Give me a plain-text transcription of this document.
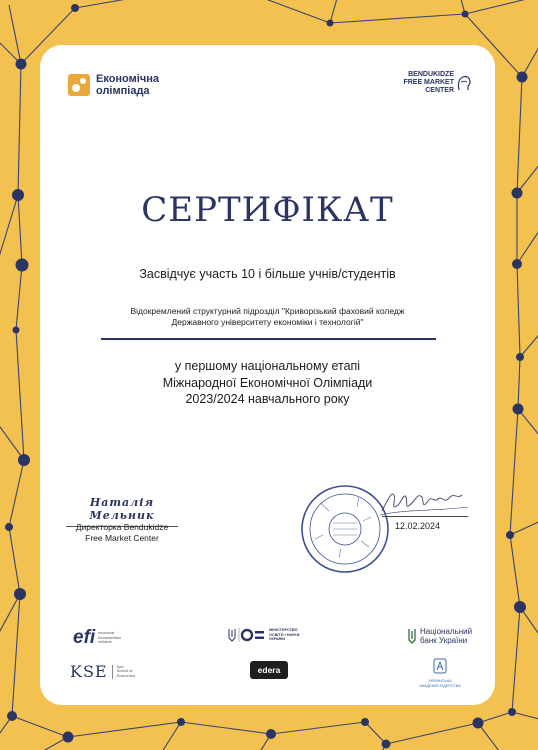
Економічна
олімпіада
BENDUKIDZE
FREE MARKET
CENTER
СЕРТИФІКАТ
Засвідчує участь 10 і більше учнів/студентів
Відокремлений структурний підрозділ "Криворізький фаховий коледж
Державного університету економіки і технологій"
у першому національному етапі
Міжнародної Економічної Олімпіади
2023/2024 навчального року
Наталія Мельник
Директорка Bendukidze
Free Market Center
12.02.2024
efi economic
fundamentals
initiative
KSE Kyiv
School of
Economics
МІНІСТЕРСТВО
ОСВІТИ І НАУКИ
УКРАЇНИ
edera
Національний
банк України
УКРАЇНСЬКА
АКАДЕМІЯ ЛІДЕРСТВА
